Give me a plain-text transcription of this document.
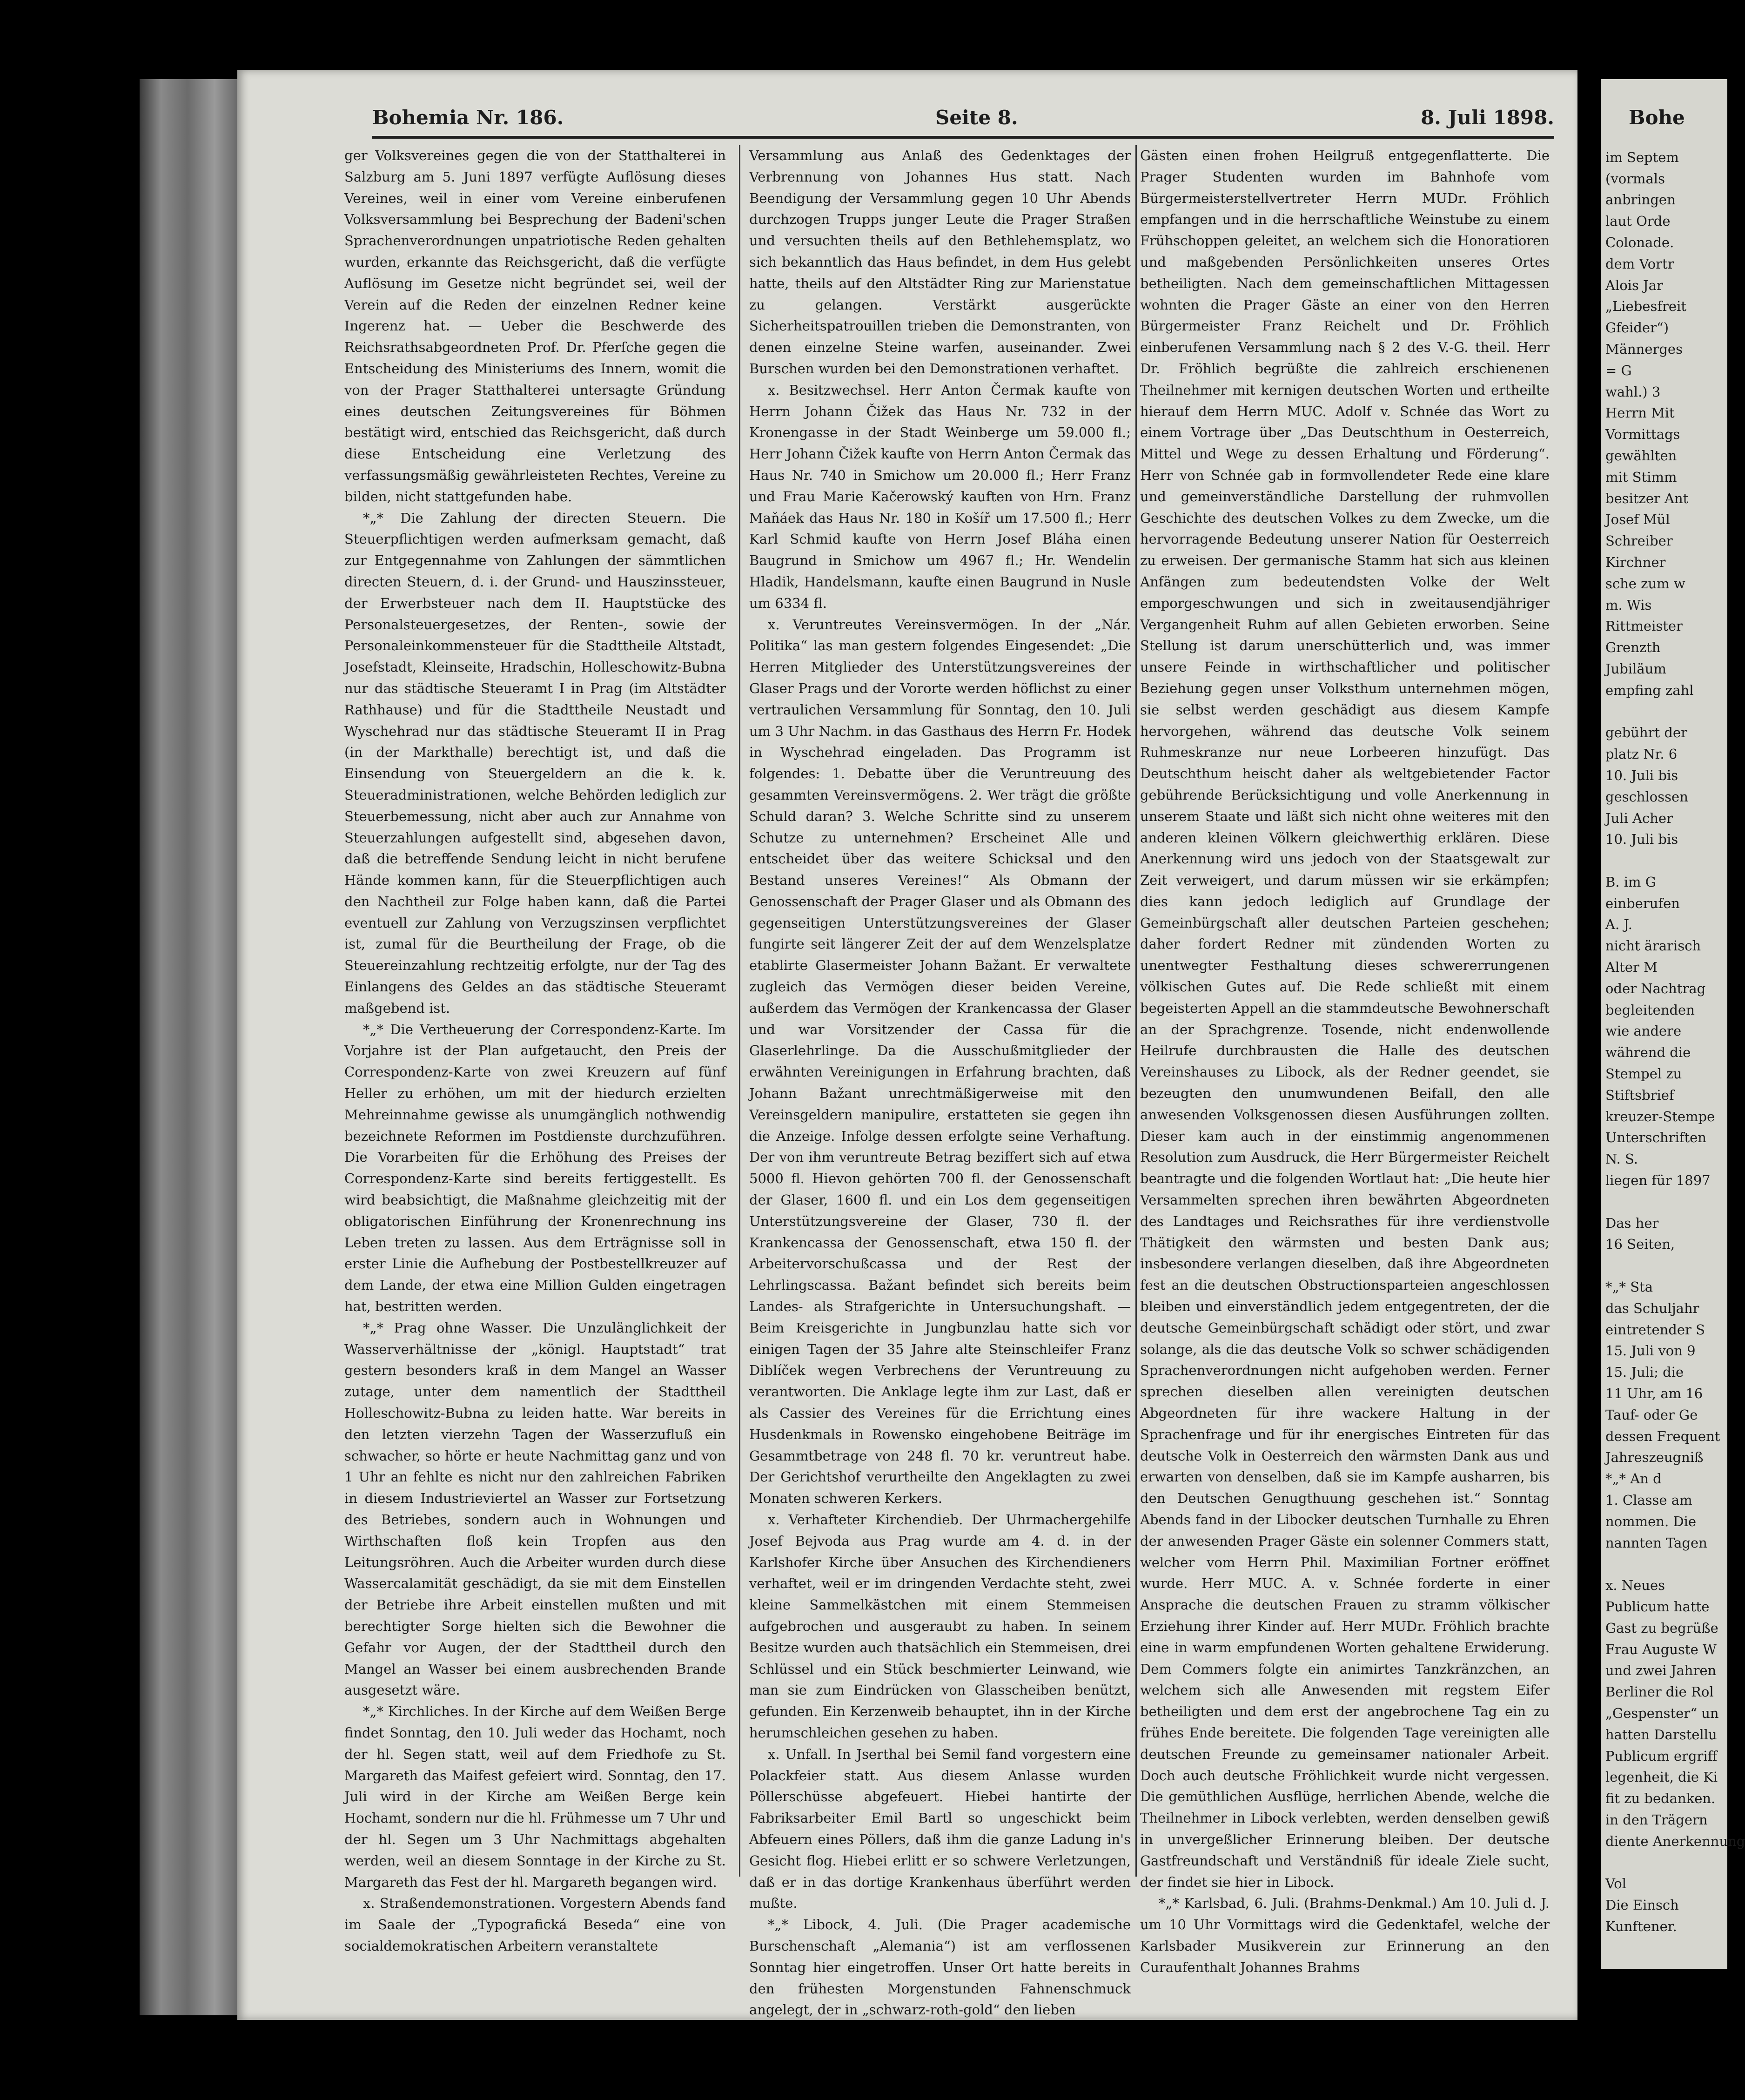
Bohemia Nr. 186.	Seite 8.	8. Juli 1898.

ger Volksvereines gegen die von der Statthalterei in Salzburg am 5. Juni 1897 verfügte Auflösung dieses Vereines, weil in einer vom Vereine einberufenen Volksversammlung bei Besprechung der Badeni'schen Sprachenverordnungen unpatriotische Reden gehalten wurden, erkannte das Reichsgericht, daß die verfügte Auflösung im Gesetze nicht begründet sei, weil der Verein auf die Reden der einzelnen Redner keine Ingerenz hat. — Ueber die Beschwerde des Reichsrathsabgeordneten Prof. Dr. Pferſche gegen die Entscheidung des Ministeriums des Innern, womit die von der Prager Statthalterei untersagte Gründung eines deutschen Zeitungsvereines für Böhmen bestätigt wird, entschied das Reichsgericht, daß durch diese Entscheidung eine Verletzung des verfassungsmäßig gewährleisteten Rechtes, Vereine zu bilden, nicht stattgefunden habe.

*„* Die Zahlung der directen Steuern. Die Steuerpflichtigen werden aufmerksam gemacht, daß zur Entgegennahme von Zahlungen der sämmtlichen directen Steuern, d. i. der Grund- und Hauszinssteuer, der Erwerbsteuer nach dem II. Hauptstücke des Personalsteuergesetzes, der Renten-, sowie der Personaleinkommensteuer für die Stadttheile Altstadt, Josefstadt, Kleinseite, Hradschin, Holleschowitz-Bubna nur das städtische Steueramt I in Prag (im Altstädter Rathhause) und für die Stadttheile Neustadt und Wyschehrad nur das städtische Steueramt II in Prag (in der Markthalle) berechtigt ist, und daß die Einsendung von Steuergeldern an die k. k. Steueradministrationen, welche Behörden lediglich zur Steuerbemessung, nicht aber auch zur Annahme von Steuerzahlungen aufgestellt sind, abgesehen davon, daß die betreffende Sendung leicht in nicht berufene Hände kommen kann, für die Steuerpflichtigen auch den Nachtheil zur Folge haben kann, daß die Partei eventuell zur Zahlung von Verzugszinsen verpflichtet ist, zumal für die Beurtheilung der Frage, ob die Steuereinzahlung rechtzeitig erfolgte, nur der Tag des Einlangens des Geldes an das städtische Steueramt maßgebend ist.

*„* Die Vertheuerung der Correspondenz-Karte. Im Vorjahre ist der Plan aufgetaucht, den Preis der Correspondenz-Karte von zwei Kreuzern auf fünf Heller zu erhöhen, um mit der hiedurch erzielten Mehreinnahme gewisse als unumgänglich nothwendig bezeichnete Reformen im Postdienste durchzuführen. Die Vorarbeiten für die Erhöhung des Preises der Correspondenz-Karte sind bereits fertiggestellt. Es wird beabsichtigt, die Maßnahme gleichzeitig mit der obligatorischen Einführung der Kronenrechnung ins Leben treten zu lassen. Aus dem Erträgnisse soll in erster Linie die Aufhebung der Postbestellkreuzer auf dem Lande, der etwa eine Million Gulden eingetragen hat, bestritten werden.

*„* Prag ohne Wasser. Die Unzulänglichkeit der Wasserverhältnisse der „königl. Hauptstadt“ trat gestern besonders kraß in dem Mangel an Wasser zutage, unter dem namentlich der Stadttheil Holleschowitz-Bubna zu leiden hatte. War bereits in den letzten vierzehn Tagen der Wasserzufluß ein schwacher, so hörte er heute Nachmittag ganz und von 1 Uhr an fehlte es nicht nur den zahlreichen Fabriken in diesem Industrieviertel an Wasser zur Fortsetzung des Betriebes, sondern auch in Wohnungen und Wirthschaften floß kein Tropfen aus den Leitungsröhren. Auch die Arbeiter wurden durch diese Wassercalamität geschädigt, da sie mit dem Einstellen der Betriebe ihre Arbeit einstellen mußten und mit berechtigter Sorge hielten sich die Bewohner die Gefahr vor Augen, der der Stadttheil durch den Mangel an Wasser bei einem ausbrechenden Brande ausgesetzt wäre.

*„* Kirchliches. In der Kirche auf dem Weißen Berge findet Sonntag, den 10. Juli weder das Hochamt, noch der hl. Segen statt, weil auf dem Friedhofe zu St. Margareth das Maifest gefeiert wird. Sonntag, den 17. Juli wird in der Kirche am Weißen Berge kein Hochamt, sondern nur die hl. Frühmesse um 7 Uhr und der hl. Segen um 3 Uhr Nachmittags abgehalten werden, weil an diesem Sonntage in der Kirche zu St. Margareth das Fest der hl. Margareth begangen wird.

x. Straßendemonstrationen. Vorgestern Abends fand im Saale der „Typografická Beseda“ eine von socialdemokratischen Arbeitern veranstaltete

Versammlung aus Anlaß des Gedenktages der Verbrennung von Johannes Hus statt. Nach Beendigung der Versammlung gegen 10 Uhr Abends durchzogen Trupps junger Leute die Prager Straßen und versuchten theils auf den Bethlehemsplatz, wo sich bekanntlich das Haus befindet, in dem Hus gelebt hatte, theils auf den Altstädter Ring zur Marienstatue zu gelangen. Verstärkt ausgerückte Sicherheitspatrouillen trieben die Demonstranten, von denen einzelne Steine warfen, auseinander. Zwei Burschen wurden bei den Demonstrationen verhaftet.

x. Besitzwechsel. Herr Anton Čermak kaufte von Herrn Johann Čižek das Haus Nr. 732 in der Kronengasse in der Stadt Weinberge um 59.000 fl.; Herr Johann Čižek kaufte von Herrn Anton Čermak das Haus Nr. 740 in Smichow um 20.000 fl.; Herr Franz und Frau Marie Kačerowský kauften von Hrn. Franz Maňáek das Haus Nr. 180 in Košíř um 17.500 fl.; Herr Karl Schmid kaufte von Herrn Josef Bláha einen Baugrund in Smichow um 4967 fl.; Hr. Wendelin Hladik, Handelsmann, kaufte einen Baugrund in Nusle um 6334 fl.

x. Veruntreutes Vereinsvermögen. In der „Nár. Politika“ las man gestern folgendes Eingesendet: „Die Herren Mitglieder des Unterstützungsvereines der Glaser Prags und der Vororte werden höflichst zu einer vertraulichen Versammlung für Sonntag, den 10. Juli um 3 Uhr Nachm. in das Gasthaus des Herrn Fr. Hodek in Wyschehrad eingeladen. Das Programm ist folgendes: 1. Debatte über die Veruntreuung des gesammten Vereinsvermögens. 2. Wer trägt die größte Schuld daran? 3. Welche Schritte sind zu unserem Schutze zu unternehmen? Erscheinet Alle und entscheidet über das weitere Schicksal und den Bestand unseres Vereines!“ Als Obmann der Genossenschaft der Prager Glaser und als Obmann des gegenseitigen Unterstützungsvereines der Glaser fungirte seit längerer Zeit der auf dem Wenzelsplatze etablirte Glasermeister Johann Bažant. Er verwaltete zugleich das Vermögen dieser beiden Vereine, außerdem das Vermögen der Krankencassa der Glaser und war Vorsitzender der Cassa für die Glaserlehrlinge. Da die Ausschußmitglieder der erwähnten Vereinigungen in Erfahrung brachten, daß Johann Bažant unrechtmäßigerweise mit den Vereinsgeldern manipulire, erstatteten sie gegen ihn die Anzeige. Infolge dessen erfolgte seine Verhaftung. Der von ihm veruntreute Betrag beziffert sich auf etwa 5000 fl. Hievon gehörten 700 fl. der Genossenschaft der Glaser, 1600 fl. und ein Los dem gegenseitigen Unterstützungsvereine der Glaser, 730 fl. der Krankencassa der Genossenschaft, etwa 150 fl. der Arbeitervorschußcassa und der Rest der Lehrlingscassa. Bažant befindet sich bereits beim Landes- als Strafgerichte in Untersuchungshaft. — Beim Kreisgerichte in Jungbunzlau hatte sich vor einigen Tagen der 35 Jahre alte Steinschleifer Franz Diblíček wegen Verbrechens der Veruntreuung zu verantworten. Die Anklage legte ihm zur Last, daß er als Cassier des Vereines für die Errichtung eines Husdenkmals in Rowensko eingehobene Beiträge im Gesammtbetrage von 248 fl. 70 kr. veruntreut habe. Der Gerichtshof verurtheilte den Angeklagten zu zwei Monaten schweren Kerkers.

x. Verhafteter Kirchendieb. Der Uhrmachergehilfe Josef Bejvoda aus Prag wurde am 4. d. in der Karlshofer Kirche über Ansuchen des Kirchendieners verhaftet, weil er im dringenden Verdachte steht, zwei kleine Sammelkästchen mit einem Stemmeisen aufgebrochen und ausgeraubt zu haben. In seinem Besitze wurden auch thatsächlich ein Stemmeisen, drei Schlüssel und ein Stück beschmierter Leinwand, wie man sie zum Eindrücken von Glasscheiben benützt, gefunden. Ein Kerzenweib behauptet, ihn in der Kirche herumschleichen gesehen zu haben.

x. Unfall. In Jserthal bei Semil fand vorgestern eine Polackfeier statt. Aus diesem Anlasse wurden Pöllerschüsse abgefeuert. Hiebei hantirte der Fabriksarbeiter Emil Bartl so ungeschickt beim Abfeuern eines Pöllers, daß ihm die ganze Ladung in's Gesicht flog. Hiebei erlitt er so schwere Verletzungen, daß er in das dortige Krankenhaus überführt werden mußte.

*„* Libock, 4. Juli. (Die Prager academische Burschenschaft „Alemania“) ist am verflossenen Sonntag hier eingetroffen. Unser Ort hatte bereits in den frühesten Morgenstunden Fahnenschmuck angelegt, der in „schwarz-roth-gold“ den lieben

Gästen einen frohen Heilgruß entgegenflatterte. Die Prager Studenten wurden im Bahnhofe vom Bürgermeisterstellvertreter Herrn MUDr. Fröhlich empfangen und in die herrschaftliche Weinstube zu einem Frühschoppen geleitet, an welchem sich die Honoratioren und maßgebenden Persönlichkeiten unseres Ortes betheiligten. Nach dem gemeinschaftlichen Mittagessen wohnten die Prager Gäste an einer von den Herren Bürgermeister Franz Reichelt und Dr. Fröhlich einberufenen Versammlung nach § 2 des V.-G. theil. Herr Dr. Fröhlich begrüßte die zahlreich erschienenen Theilnehmer mit kernigen deutschen Worten und ertheilte hierauf dem Herrn MUC. Adolf v. Schnée das Wort zu einem Vortrage über „Das Deutschthum in Oesterreich, Mittel und Wege zu dessen Erhaltung und Förderung“. Herr von Schnée gab in formvollendeter Rede eine klare und gemeinverständliche Darstellung der ruhmvollen Geschichte des deutschen Volkes zu dem Zwecke, um die hervorragende Bedeutung unserer Nation für Oesterreich zu erweisen. Der germanische Stamm hat sich aus kleinen Anfängen zum bedeutendsten Volke der Welt emporgeschwungen und sich in zweitausendjähriger Vergangenheit Ruhm auf allen Gebieten erworben. Seine Stellung ist darum unerschütterlich und, was immer unsere Feinde in wirthschaftlicher und politischer Beziehung gegen unser Volksthum unternehmen mögen, sie selbst werden geschädigt aus diesem Kampfe hervorgehen, während das deutsche Volk seinem Ruhmeskranze nur neue Lorbeeren hinzufügt. Das Deutschthum heischt daher als weltgebietender Factor gebührende Berücksichtigung und volle Anerkennung in unserem Staate und läßt sich nicht ohne weiteres mit den anderen kleinen Völkern gleichwerthig erklären. Diese Anerkennung wird uns jedoch von der Staatsgewalt zur Zeit verweigert, und darum müssen wir sie erkämpfen; dies kann jedoch lediglich auf Grundlage der Gemeinbürgschaft aller deutschen Parteien geschehen; daher fordert Redner mit zündenden Worten zu unentwegter Festhaltung dieses schwererrungenen völkischen Gutes auf. Die Rede schließt mit einem begeisterten Appell an die stammdeutsche Bewohnerschaft an der Sprachgrenze. Tosende, nicht endenwollende Heilrufe durchbrausten die Halle des deutschen Vereinshauses zu Libock, als der Redner geendet, sie bezeugten den unumwundenen Beifall, den alle anwesenden Volksgenossen diesen Ausführungen zollten. Dieser kam auch in der einstimmig angenommenen Resolution zum Ausdruck, die Herr Bürgermeister Reichelt beantragte und die folgenden Wortlaut hat: „Die heute hier Versammelten sprechen ihren bewährten Abgeordneten des Landtages und Reichsrathes für ihre verdienstvolle Thätigkeit den wärmsten und besten Dank aus; insbesondere verlangen dieselben, daß ihre Abgeordneten fest an die deutschen Obstructionsparteien angeschlossen bleiben und einverständlich jedem entgegentreten, der die deutsche Gemeinbürgschaft schädigt oder stört, und zwar solange, als die das deutsche Volk so schwer schädigenden Sprachenverordnungen nicht aufgehoben werden. Ferner sprechen dieselben allen vereinigten deutschen Abgeordneten für ihre wackere Haltung in der Sprachenfrage und für ihr energisches Eintreten für das deutsche Volk in Oesterreich den wärmsten Dank aus und erwarten von denselben, daß sie im Kampfe ausharren, bis den Deutschen Genugthuung geschehen ist.“ Sonntag Abends fand in der Libocker deutschen Turnhalle zu Ehren der anwesenden Prager Gäste ein solenner Commers statt, welcher vom Herrn Phil. Maximilian Fortner eröffnet wurde. Herr MUC. A. v. Schnée forderte in einer Ansprache die deutschen Frauen zu stramm völkischer Erziehung ihrer Kinder auf. Herr MUDr. Fröhlich brachte eine in warm empfundenen Worten gehaltene Erwiderung. Dem Commers folgte ein animirtes Tanzkränzchen, an welchem sich alle Anwesenden mit regstem Eifer betheiligten und dem erst der angebrochene Tag ein zu frühes Ende bereitete. Die folgenden Tage vereinigten alle deutschen Freunde zu gemeinsamer nationaler Arbeit. Doch auch deutsche Fröhlichkeit wurde nicht vergessen. Die gemüthlichen Ausflüge, herrlichen Abende, welche die Theilnehmer in Libock verlebten, werden denselben gewiß in unvergeßlicher Erinnerung bleiben. Der deutsche Gastfreundschaft und Verständniß für ideale Ziele sucht, der findet sie hier in Libock.

*„* Karlsbad, 6. Juli. (Brahms-Denkmal.) Am 10. Juli d. J. um 10 Uhr Vormittags wird die Gedenktafel, welche der Karlsbader Musikverein zur Erinnerung an den Curaufenthalt Johannes Brahms

Bohe

im Septem

(vormals

anbringen

laut Orde

Colonade.

dem Vortr

Alois Jar

„Liebesfreit

Gfeider“)

Männerges

= G

wahl.) 3

Herrn Mit

Vormittags

gewählten

mit Stimm

besitzer Ant

Josef Mül

Schreiber

Kirchner

sche zum w

m. Wis

Rittmeister

Grenzth

Jubiläum

empfing zahl

gebührt der

platz Nr. 6

10. Juli bis

geschlossen

Juli Acher

10. Juli bis

B. im G

einberufen

A. J.

nicht ärarisch

Alter M

oder Nachtrag

begleitenden

wie andere

während die

Stempel zu

Stiftsbrief

kreuzer-Stempe

Unterschriften

N. S.

liegen für 1897

Das her

16 Seiten,

*„* Sta

das Schuljahr

eintretender S

15. Juli von 9

15. Juli; die

11 Uhr, am 16

Tauf- oder Ge

dessen Frequent

Jahreszeugniß

*„* An d

1. Classe am

nommen. Die

nannten Tagen

x. Neues

Publicum hatte

Gast zu begrüße

Frau Auguste W

und zwei Jahren

Berliner die Rol

„Gespenster“ un

hatten Darstellu

Publicum ergriff

legenheit, die Ki

fit zu bedanken.

in den Trägern

diente Anerkennung

Vol

Die Einsch

Kunftener.
